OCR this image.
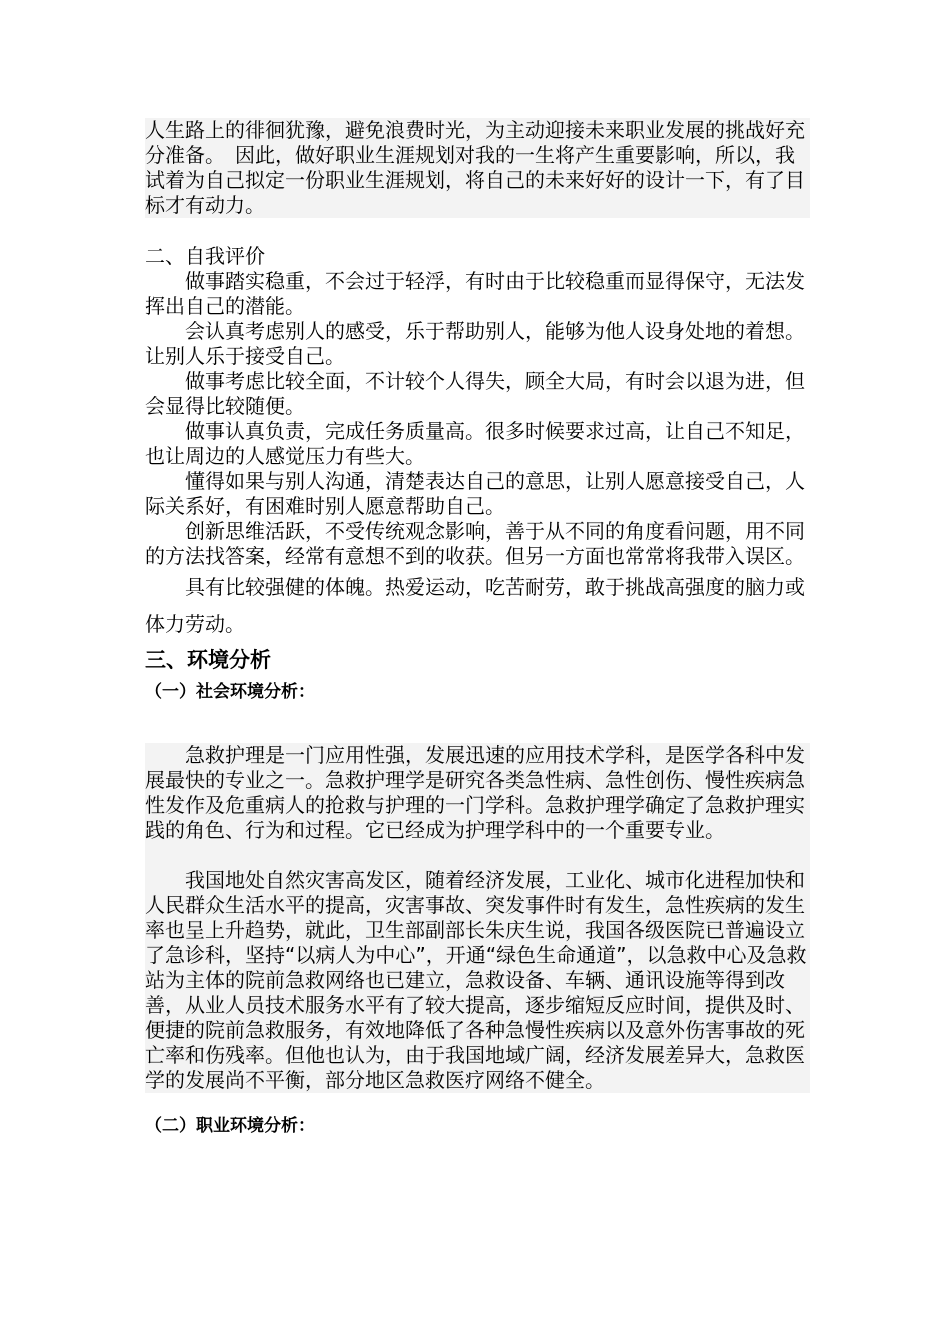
人生路上的徘徊犹豫，避免浪费时光，为主动迎接未来职业发展的挑战好充分准备。　因此，做好职业生涯规划对我的一生将产生重要影响，所以，我试着为自己拟定一份职业生涯规划，将自己的未来好好的设计一下，有了目标才有动力。

二、自我评价

做事踏实稳重，不会过于轻浮，有时由于比较稳重而显得保守，无法发挥出自己的潜能。

会认真考虑别人的感受，乐于帮助别人，能够为他人设身处地的着想。让别人乐于接受自己。

做事考虑比较全面，不计较个人得失，顾全大局，有时会以退为进，但会显得比较随便。

做事认真负责，完成任务质量高。很多时候要求过高，让自己不知足，也让周边的人感觉压力有些大。

懂得如果与别人沟通，清楚表达自己的意思，让别人愿意接受自己，人际关系好，有困难时别人愿意帮助自己。

创新思维活跃，不受传统观念影响，善于从不同的角度看问题，用不同的方法找答案，经常有意想不到的收获。但另一方面也常常将我带入误区。

具有比较强健的体魄。热爱运动，吃苦耐劳，敢于挑战高强度的脑力或体力劳动。

三、环境分析

（一）社会环境分析：

急救护理是一门应用性强，发展迅速的应用技术学科，是医学各科中发展最快的专业之一。急救护理学是研究各类急性病、急性创伤、慢性疾病急性发作及危重病人的抢救与护理的一门学科。急救护理学确定了急救护理实践的角色、行为和过程。它已经成为护理学科中的一个重要专业。

我国地处自然灾害高发区，随着经济发展，工业化、城市化进程加快和人民群众生活水平的提高，灾害事故、突发事件时有发生，急性疾病的发生率也呈上升趋势，就此，卫生部副部长朱庆生说，我国各级医院已普遍设立了急诊科，坚持“以病人为中心”，开通“绿色生命通道”，以急救中心及急救站为主体的院前急救网络也已建立，急救设备、车辆、通讯设施等得到改善，从业人员技术服务水平有了较大提高，逐步缩短反应时间，提供及时、便捷的院前急救服务，有效地降低了各种急慢性疾病以及意外伤害事故的死亡率和伤残率。但他也认为，由于我国地域广阔，经济发展差异大，急救医学的发展尚不平衡，部分地区急救医疗网络不健全。

（二）职业环境分析：
